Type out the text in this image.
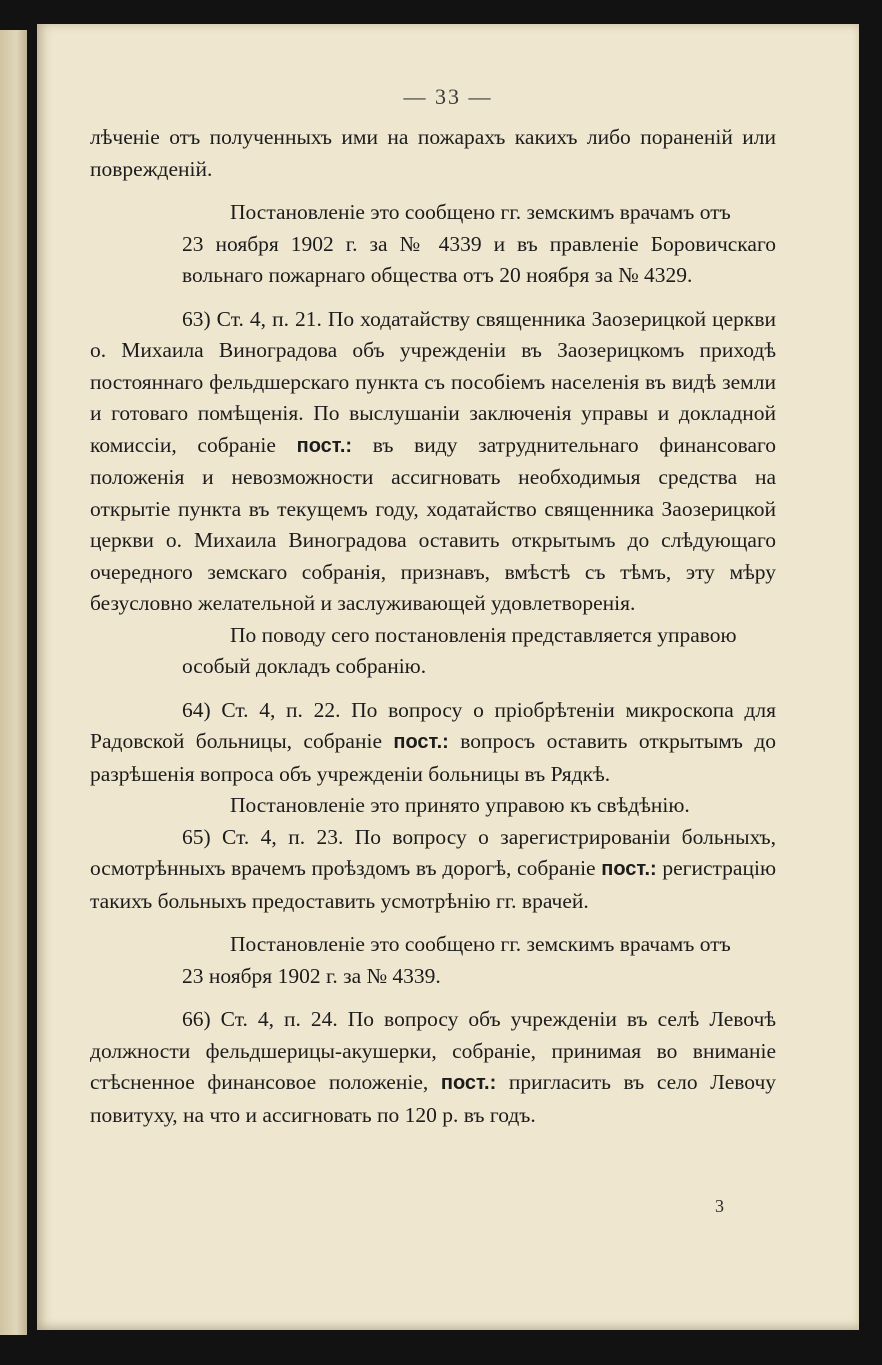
— 33 —

лѣченіе отъ полученныхъ ими на пожарахъ какихъ либо пораненій или поврежденій.

Постановленіе это сообщено гг. земскимъ врачамъ отъ

23 ноября 1902 г. за № 4339 и въ правленіе Боровичскаго вольнаго пожарнаго общества отъ 20 ноября за № 4329.

63) Ст. 4, п. 21. По ходатайству священника Заозерицкой церкви о. Михаила Виноградова объ учрежденіи въ Заозерицкомъ приходѣ постояннаго фельдшерскаго пункта съ пособіемъ населенія въ видѣ земли и готоваго помѣщенія. По выслушаніи заключенія управы и докладной комиссіи, собраніе пост.: въ виду затруднительнаго финансоваго положенія и невозможности ассигновать необходимыя средства на открытіе пункта въ текущемъ году, ходатайство священника Заозерицкой церкви о. Михаила Виноградова оставить открытымъ до слѣдующаго очередного земскаго собранія, признавъ, вмѣстѣ съ тѣмъ, эту мѣру безусловно желательной и заслуживающей удовлетворенія.

По поводу сего постановленія представляется управою

особый докладъ собранію.

64) Ст. 4, п. 22. По вопросу о пріобрѣтеніи микроскопа для Радовской больницы, собраніе пост.: вопросъ оставить открытымъ до разрѣшенія вопроса объ учрежденіи больницы въ Рядкѣ.

Постановленіе это принято управою къ свѣдѣнію.

65) Ст. 4, п. 23. По вопросу о зарегистрированіи больныхъ, осмотрѣнныхъ врачемъ проѣздомъ въ дорогѣ, собраніе пост.: регистрацію такихъ больныхъ предоставить усмотрѣнію гг. врачей.

Постановленіе это сообщено гг. земскимъ врачамъ отъ

23 ноября 1902 г. за № 4339.

66) Ст. 4, п. 24. По вопросу объ учрежденіи въ селѣ Левочѣ должности фельдшерицы-акушерки, собраніе, принимая во вниманіе стѣсненное финансовое положеніе, пост.: пригласить въ село Левочу повитуху, на что и ассигновать по 120 р. въ годъ.

3
